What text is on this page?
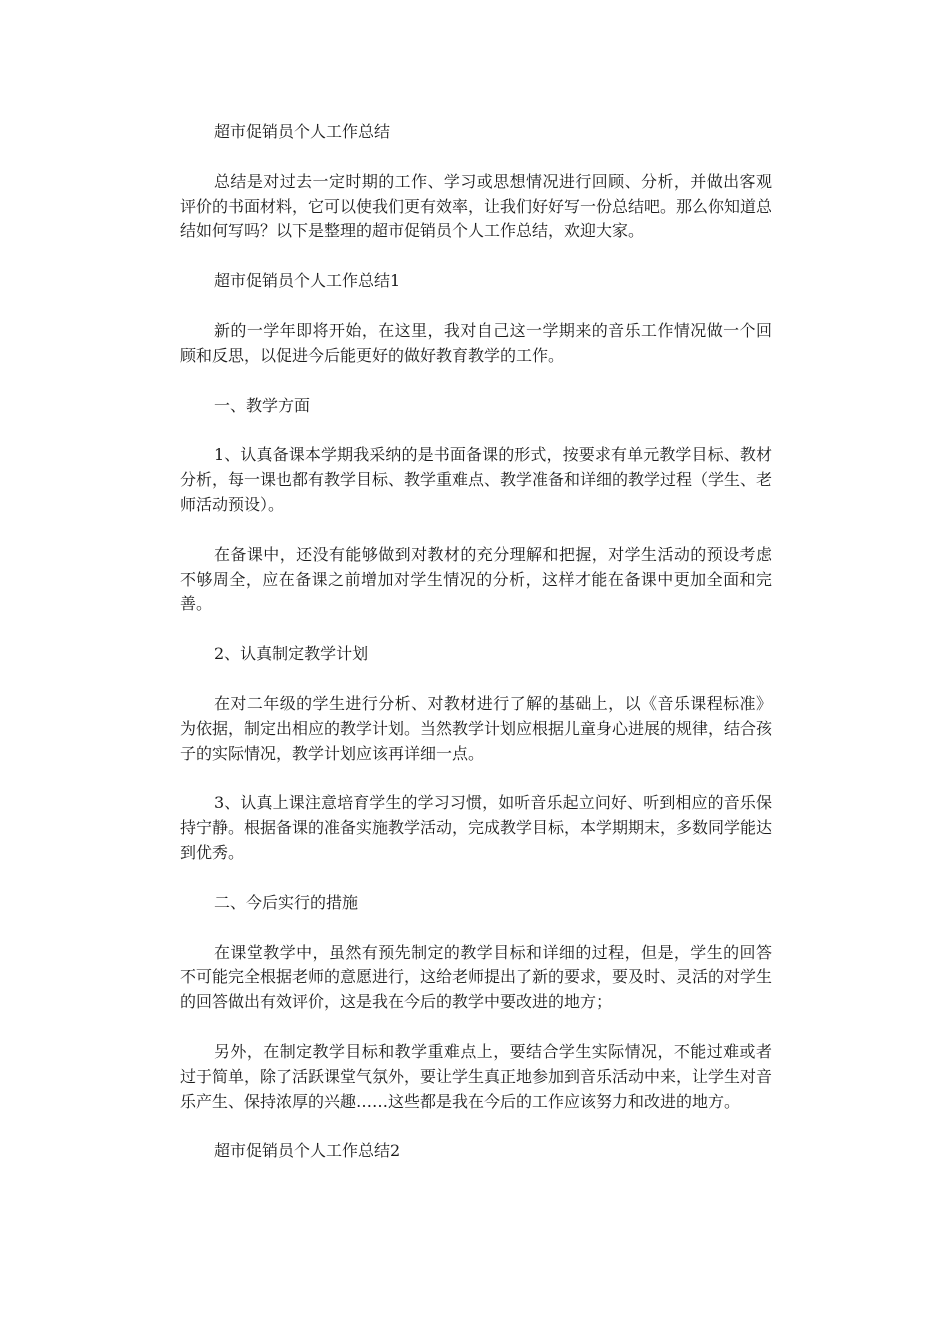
超市促销员个人工作总结

总结是对过去一定时期的工作、学习或思想情况进行回顾、分析，并做出客观评价的书面材料，它可以使我们更有效率，让我们好好写一份总结吧。那么你知道总结如何写吗？以下是整理的超市促销员个人工作总结，欢迎大家。

超市促销员个人工作总结1

新的一学年即将开始，在这里，我对自己这一学期来的音乐工作情况做一个回顾和反思，以促进今后能更好的做好教育教学的工作。

一、教学方面

1、认真备课本学期我采纳的是书面备课的形式，按要求有单元教学目标、教材分析，每一课也都有教学目标、教学重难点、教学准备和详细的教学过程（学生、老师活动预设）。

在备课中，还没有能够做到对教材的充分理解和把握，对学生活动的预设考虑不够周全，应在备课之前增加对学生情况的分析，这样才能在备课中更加全面和完善。

2、认真制定教学计划

在对二年级的学生进行分析、对教材进行了解的基础上，以《音乐课程标准》为依据，制定出相应的教学计划。当然教学计划应根据儿童身心进展的规律，结合孩子的实际情况，教学计划应该再详细一点。

3、认真上课注意培育学生的学习习惯，如听音乐起立问好、听到相应的音乐保持宁静。根据备课的准备实施教学活动，完成教学目标，本学期期末，多数同学能达到优秀。

二、今后实行的措施

在课堂教学中，虽然有预先制定的教学目标和详细的过程，但是，学生的回答不可能完全根据老师的意愿进行，这给老师提出了新的要求，要及时、灵活的对学生的回答做出有效评价，这是我在今后的教学中要改进的地方；

另外，在制定教学目标和教学重难点上，要结合学生实际情况，不能过难或者过于简单，除了活跃课堂气氛外，要让学生真正地参加到音乐活动中来，让学生对音乐产生、保持浓厚的兴趣……这些都是我在今后的工作应该努力和改进的地方。

超市促销员个人工作总结2
